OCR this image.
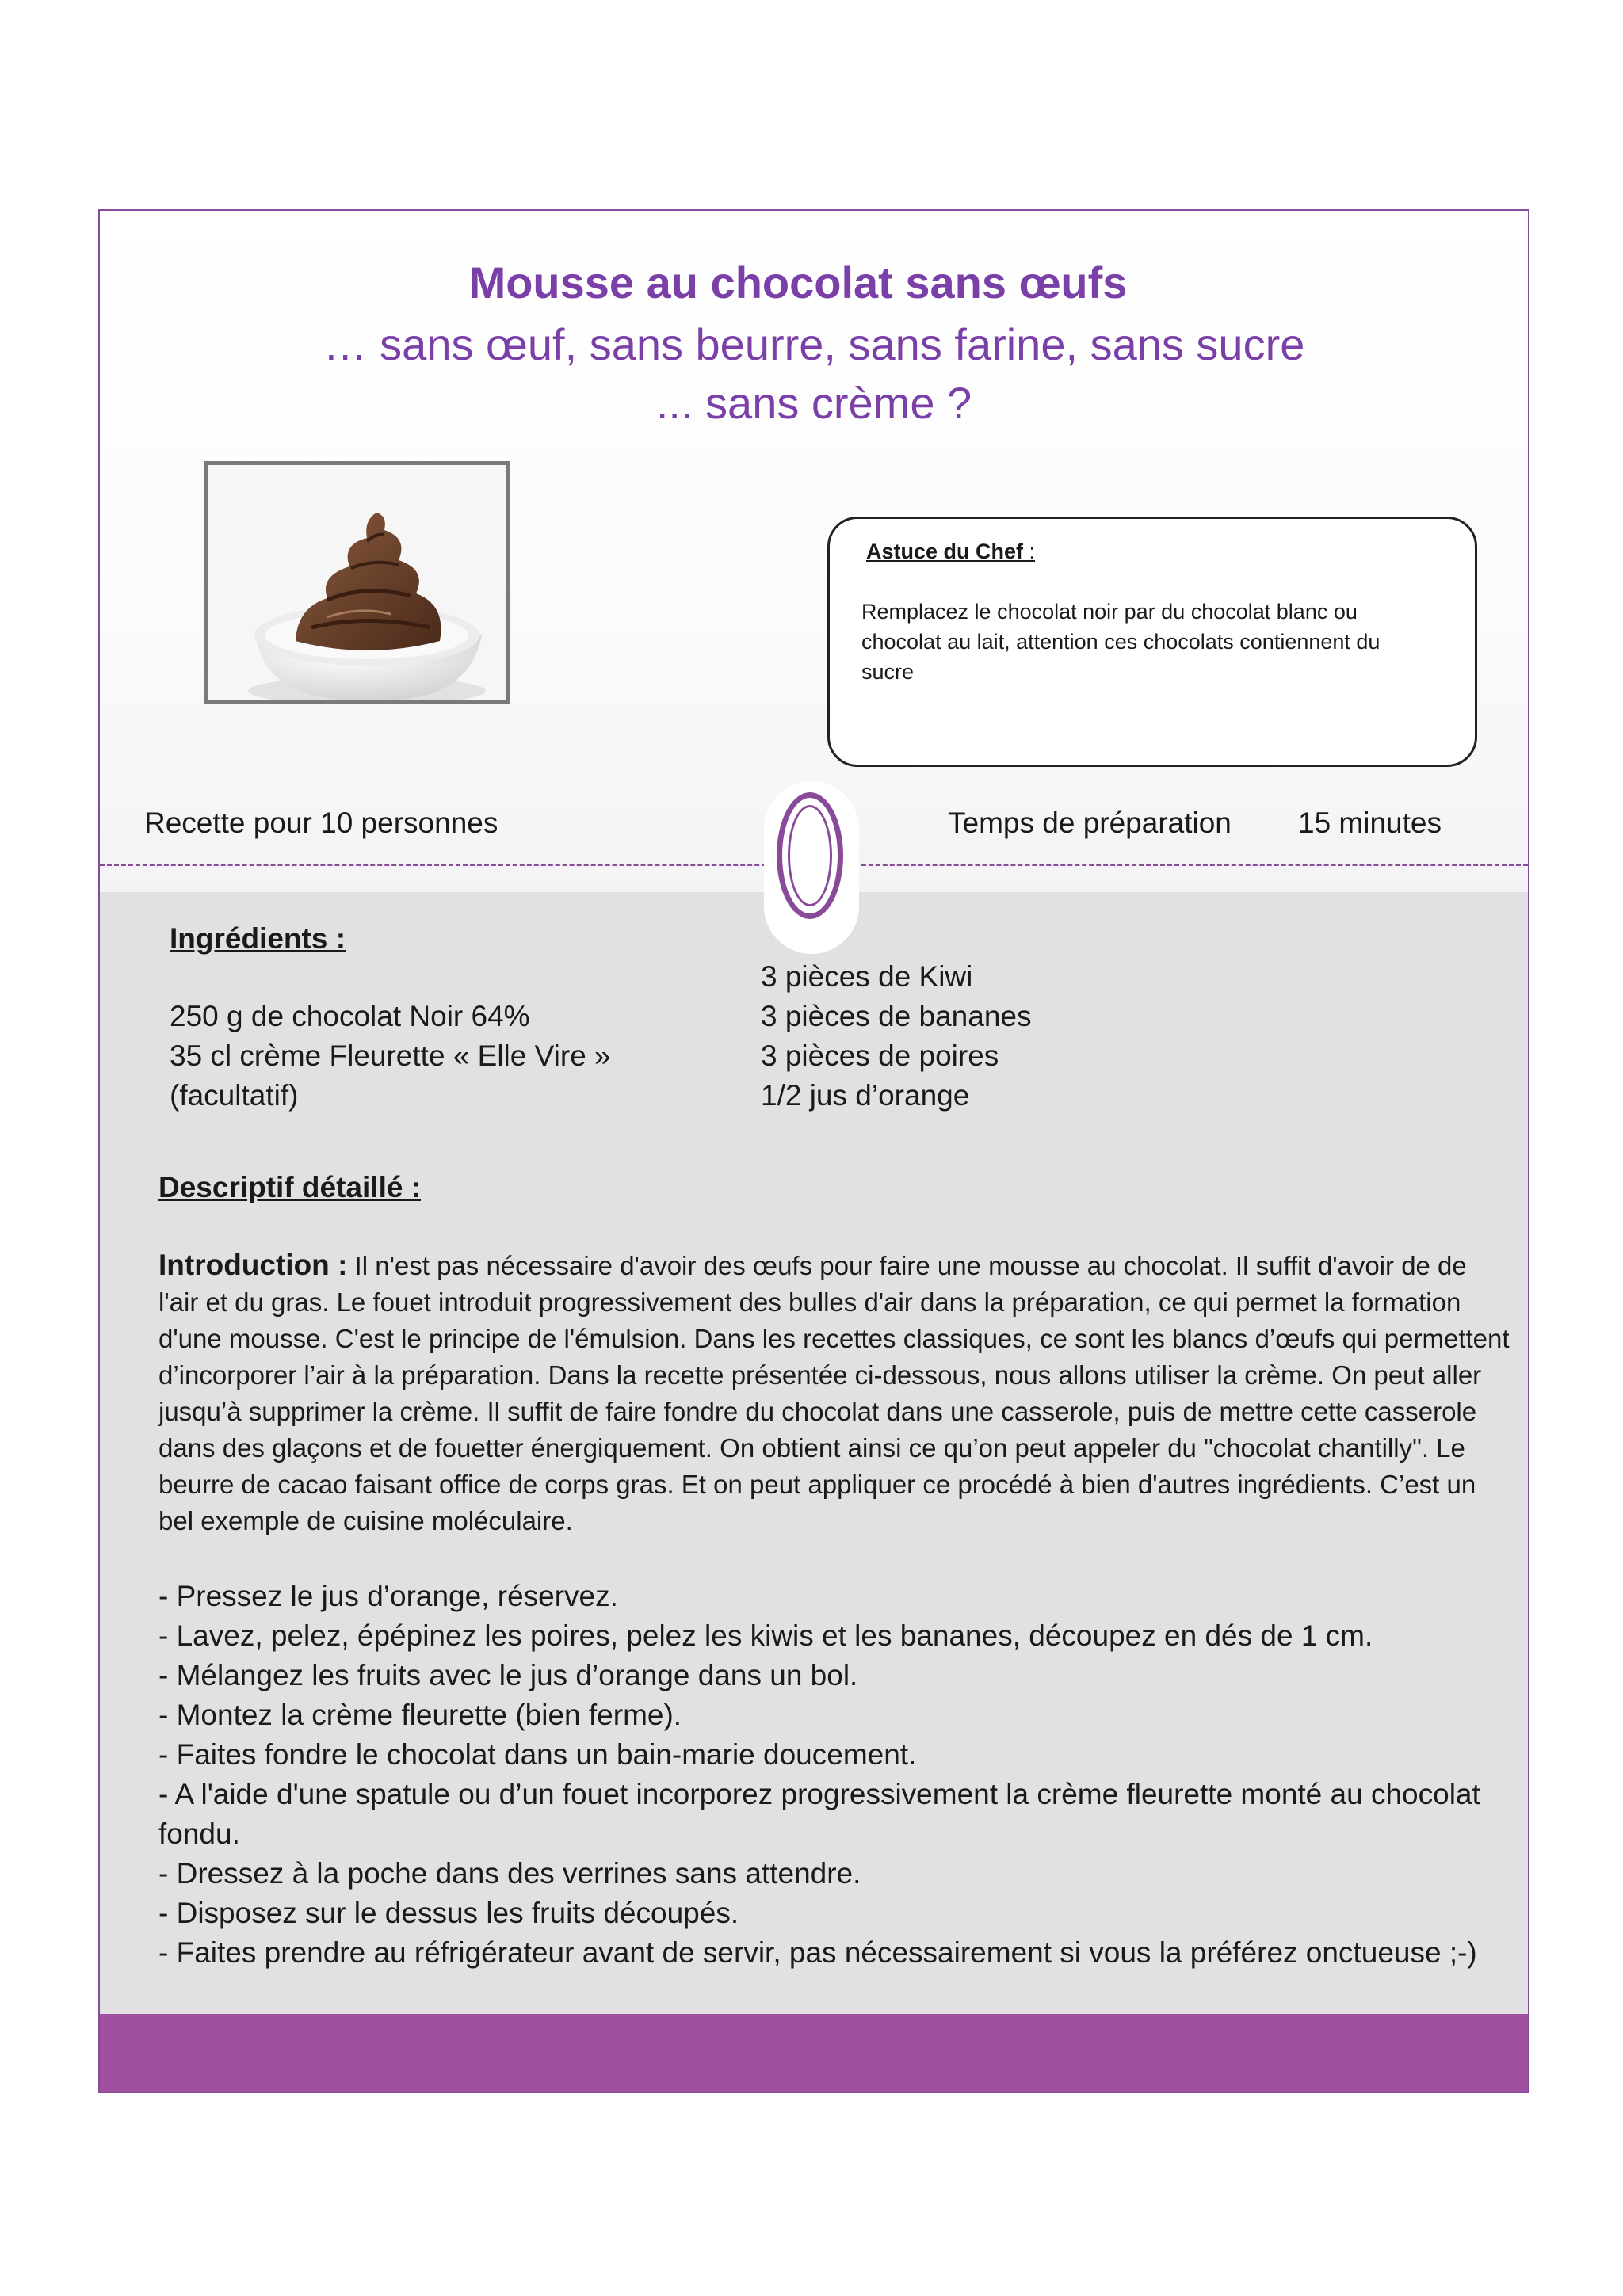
Mousse au chocolat sans œufs
… sans œuf, sans beurre, sans farine, sans sucre
... sans crème ?
Astuce du Chef :
Remplacez le chocolat noir par du chocolat blanc ou chocolat au lait, attention ces chocolats contiennent du sucre
Recette pour 10 personnes	Temps de préparation 15 minutes
Ingrédients :
250 g de chocolat Noir 64%
35 cl crème Fleurette « Elle Vire »
(facultatif)
3 pièces de Kiwi
3 pièces de bananes
3 pièces de poires
1/2 jus d’orange
Descriptif détaillé :
Introduction : Il n'est pas nécessaire d'avoir des œufs pour faire une mousse au chocolat. Il suffit d'avoir de de l'air et du gras. Le fouet introduit progressivement des bulles d'air dans la préparation, ce qui permet la formation d'une mousse. C'est le principe de l'émulsion. Dans les recettes classiques, ce sont les blancs d’œufs qui permettent d’incorporer l’air à la préparation. Dans la recette présentée ci-dessous, nous allons utiliser la crème. On peut aller jusqu’à supprimer la crème. Il suffit de faire fondre du chocolat dans une casserole, puis de mettre cette casserole dans des glaçons et de fouetter énergiquement. On obtient ainsi ce qu’on peut appeler du "chocolat chantilly". Le beurre de cacao faisant office de corps gras. Et on peut appliquer ce procédé à bien d'autres ingrédients. C’est un bel exemple de cuisine moléculaire.
- Pressez le jus d’orange, réservez.
- Lavez, pelez, épépinez les poires, pelez les kiwis et les bananes, découpez en dés de 1 cm.
- Mélangez les fruits avec le jus d’orange dans un bol.
- Montez la crème fleurette (bien ferme).
- Faites fondre le chocolat dans un bain-marie doucement.
- A l'aide d'une spatule ou d’un fouet incorporez progressivement la crème fleurette monté au chocolat fondu.
- Dressez à la poche dans des verrines sans attendre.
- Disposez sur le dessus les fruits découpés.
- Faites prendre au réfrigérateur avant de servir, pas nécessairement si vous la préférez onctueuse ;-)
